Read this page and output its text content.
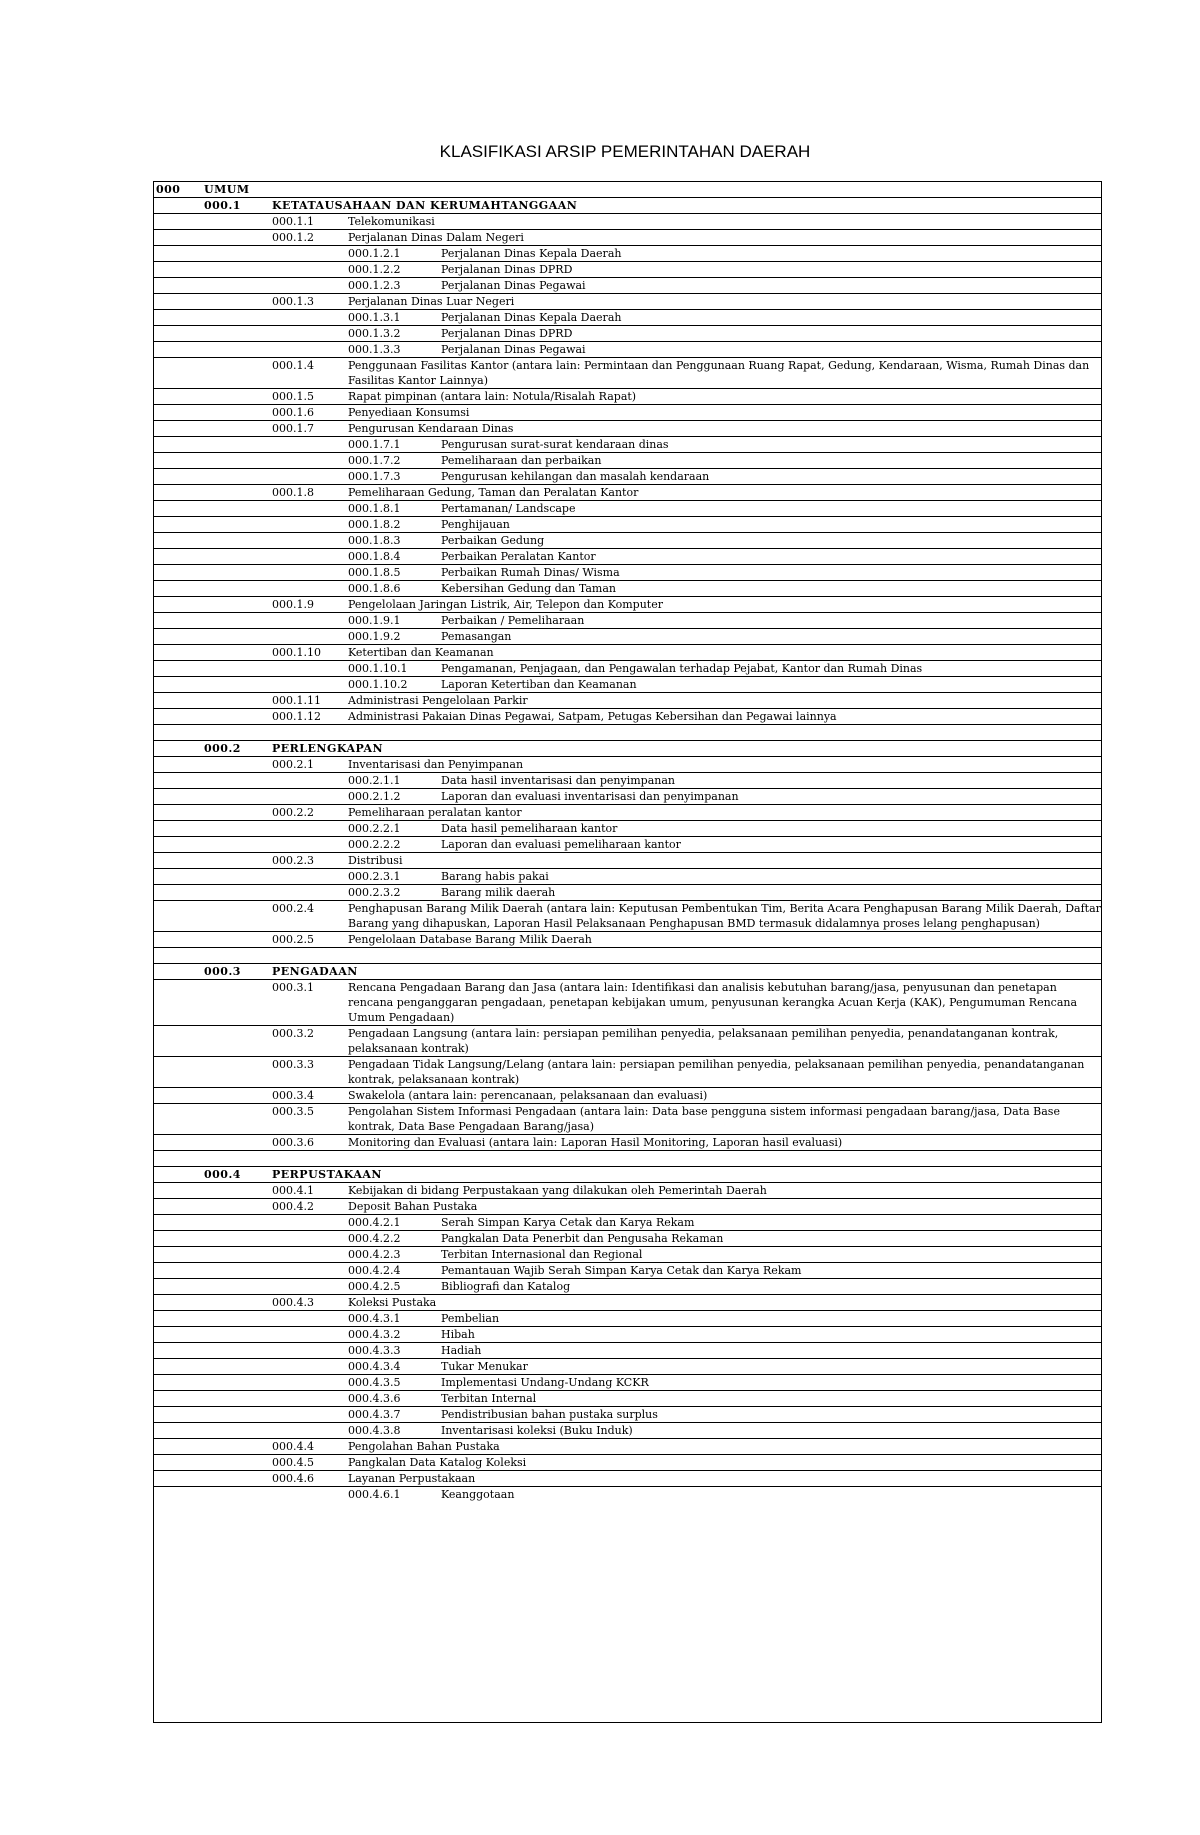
KLASIFIKASI ARSIP PEMERINTAHAN DAERAH
000	UMUM			
	000.1	KETATAUSAHAAN DAN KERUMAHTANGGAAN		
		000.1.1	Telekomunikasi	
		000.1.2	Perjalanan Dinas Dalam Negeri	
			000.1.2.1	Perjalanan Dinas Kepala Daerah
			000.1.2.2	Perjalanan Dinas DPRD
			000.1.2.3	Perjalanan Dinas Pegawai
		000.1.3	Perjalanan Dinas Luar Negeri	
			000.1.3.1	Perjalanan Dinas Kepala Daerah
			000.1.3.2	Perjalanan Dinas DPRD
			000.1.3.3	Perjalanan Dinas Pegawai
		000.1.4	Penggunaan Fasilitas Kantor (antara lain: Permintaan dan Penggunaan Ruang Rapat, Gedung, Kendaraan, Wisma, Rumah Dinas dan Fasilitas Kantor Lainnya)	
		000.1.5	Rapat pimpinan (antara lain: Notula/Risalah Rapat)	
		000.1.6	Penyediaan Konsumsi	
		000.1.7	Pengurusan Kendaraan Dinas	
			000.1.7.1	Pengurusan surat-surat kendaraan dinas
			000.1.7.2	Pemeliharaan dan perbaikan
			000.1.7.3	Pengurusan kehilangan dan masalah kendaraan
		000.1.8	Pemeliharaan Gedung, Taman dan Peralatan Kantor	
			000.1.8.1	Pertamanan/ Landscape
			000.1.8.2	Penghijauan
			000.1.8.3	Perbaikan Gedung
			000.1.8.4	Perbaikan Peralatan Kantor
			000.1.8.5	Perbaikan Rumah Dinas/ Wisma
			000.1.8.6	Kebersihan Gedung dan Taman
		000.1.9	Pengelolaan Jaringan Listrik, Air, Telepon dan Komputer	
			000.1.9.1	Perbaikan / Pemeliharaan
			000.1.9.2	Pemasangan
		000.1.10	Ketertiban dan Keamanan	
			000.1.10.1	Pengamanan, Penjagaan, dan Pengawalan terhadap Pejabat, Kantor dan Rumah Dinas
			000.1.10.2	Laporan Ketertiban dan Keamanan
		000.1.11	Administrasi Pengelolaan Parkir	
		000.1.12	Administrasi Pakaian Dinas Pegawai, Satpam, Petugas Kebersihan dan Pegawai lainnya	

	000.2	PERLENGKAPAN		
		000.2.1	Inventarisasi dan Penyimpanan	
			000.2.1.1	Data hasil inventarisasi dan penyimpanan
			000.2.1.2	Laporan dan evaluasi inventarisasi dan penyimpanan
		000.2.2	Pemeliharaan peralatan kantor	
			000.2.2.1	Data hasil pemeliharaan kantor
			000.2.2.2	Laporan dan evaluasi pemeliharaan kantor
		000.2.3	Distribusi	
			000.2.3.1	Barang habis pakai
			000.2.3.2	Barang milik daerah
		000.2.4	Penghapusan Barang Milik Daerah (antara lain: Keputusan Pembentukan Tim, Berita Acara Penghapusan Barang Milik Daerah, Daftar Barang yang dihapuskan, Laporan Hasil Pelaksanaan Penghapusan BMD termasuk didalamnya proses lelang penghapusan)	
		000.2.5	Pengelolaan Database Barang Milik Daerah	

	000.3	PENGADAAN		
		000.3.1	Rencana Pengadaan Barang dan Jasa (antara lain: Identifikasi dan analisis kebutuhan barang/jasa, penyusunan dan penetapan rencana penganggaran pengadaan, penetapan kebijakan umum, penyusunan kerangka Acuan Kerja (KAK), Pengumuman Rencana Umum Pengadaan)	
		000.3.2	Pengadaan Langsung (antara lain: persiapan pemilihan penyedia, pelaksanaan pemilihan penyedia, penandatanganan kontrak, pelaksanaan kontrak)	
		000.3.3	Pengadaan Tidak Langsung/Lelang (antara lain: persiapan pemilihan penyedia, pelaksanaan pemilihan penyedia, penandatanganan kontrak, pelaksanaan kontrak)	
		000.3.4	Swakelola (antara lain: perencanaan, pelaksanaan dan evaluasi)	
		000.3.5	Pengolahan Sistem Informasi Pengadaan (antara lain: Data base pengguna sistem informasi pengadaan barang/jasa, Data Base kontrak, Data Base Pengadaan Barang/jasa)	
		000.3.6	Monitoring dan Evaluasi (antara lain: Laporan Hasil Monitoring, Laporan hasil evaluasi)	

	000.4	PERPUSTAKAAN		
		000.4.1	Kebijakan di bidang Perpustakaan yang dilakukan oleh Pemerintah Daerah	
		000.4.2	Deposit Bahan Pustaka	
			000.4.2.1	Serah Simpan Karya Cetak dan Karya Rekam
			000.4.2.2	Pangkalan Data Penerbit dan Pengusaha Rekaman
			000.4.2.3	Terbitan Internasional dan Regional
			000.4.2.4	Pemantauan Wajib Serah Simpan Karya Cetak dan Karya Rekam
			000.4.2.5	Bibliografi dan Katalog
		000.4.3	Koleksi Pustaka	
			000.4.3.1	Pembelian
			000.4.3.2	Hibah
			000.4.3.3	Hadiah
			000.4.3.4	Tukar Menukar
			000.4.3.5	Implementasi Undang-Undang KCKR
			000.4.3.6	Terbitan Internal
			000.4.3.7	Pendistribusian bahan pustaka surplus
			000.4.3.8	Inventarisasi koleksi (Buku Induk)
		000.4.4	Pengolahan Bahan Pustaka	
		000.4.5	Pangkalan Data Katalog Koleksi	
		000.4.6	Layanan Perpustakaan	
			000.4.6.1	Keanggotaan
